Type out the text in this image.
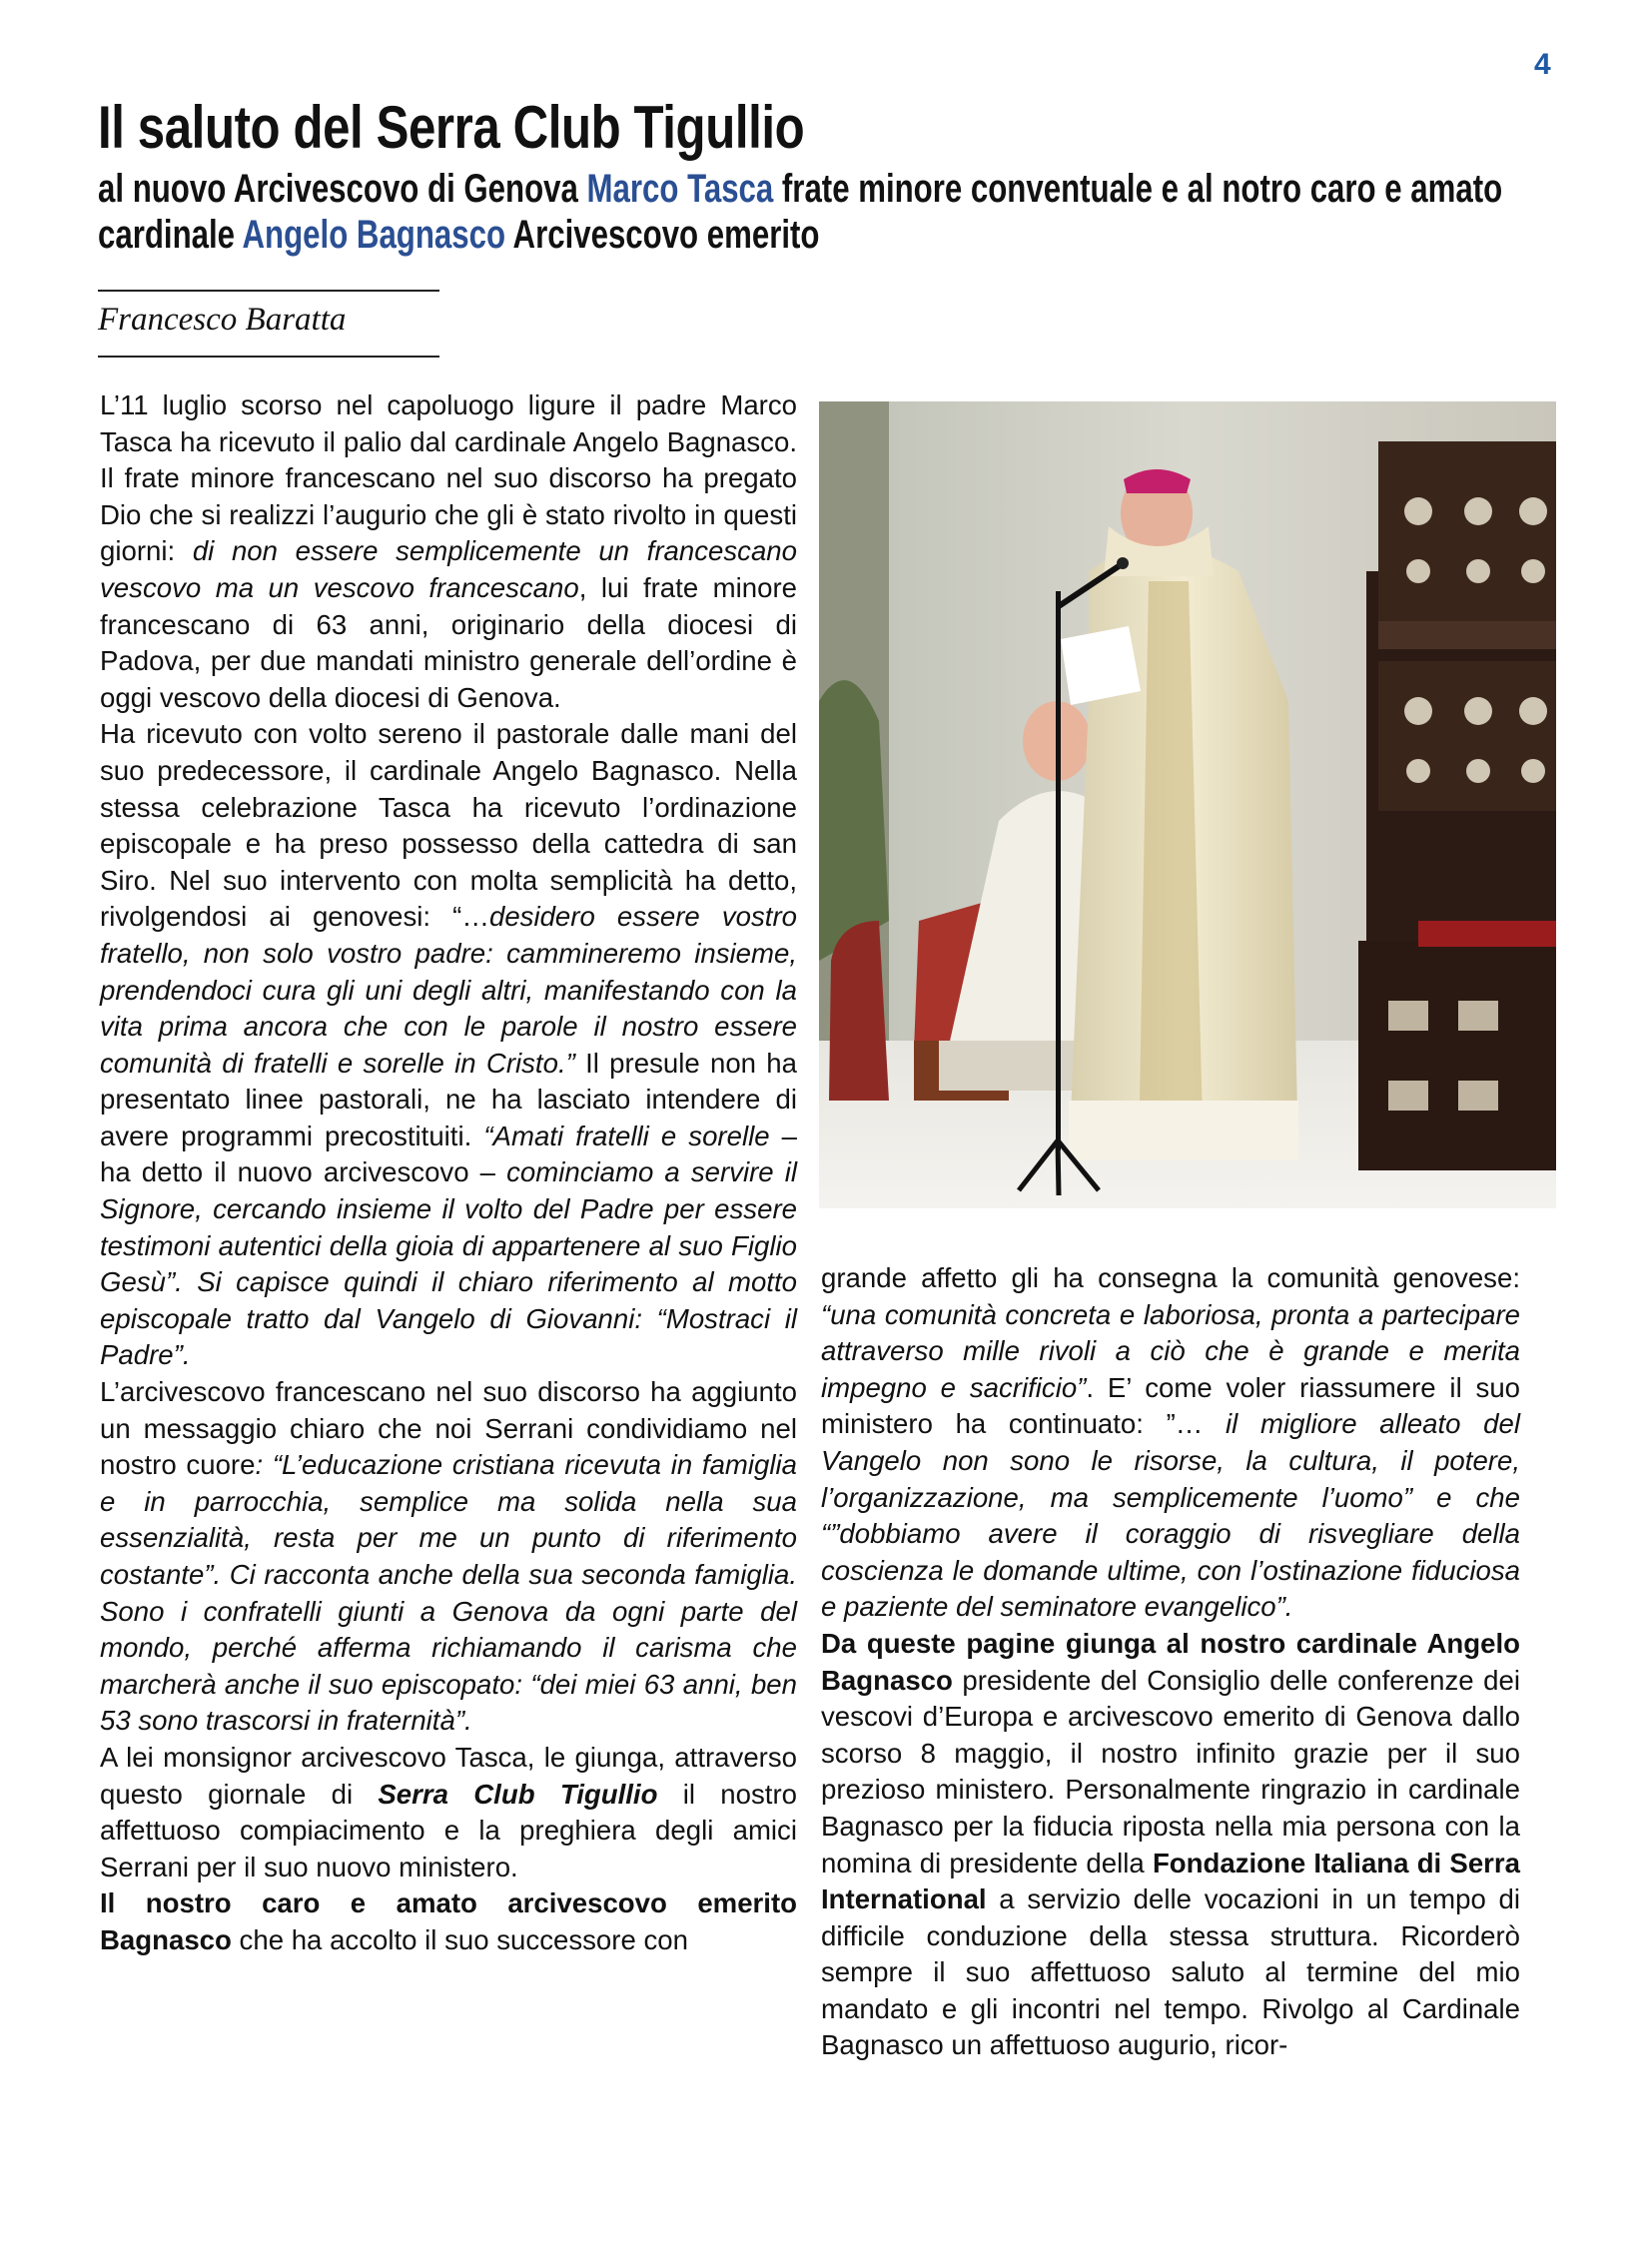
4
Il saluto del Serra Club Tigullio
al nuovo Arcivescovo di Genova Marco Tasca frate minore conventuale e al notro caro e amato cardinale Angelo Bagnasco Arcivescovo emerito
Francesco Baratta

L’11 luglio scorso nel capoluogo ligure il padre Marco Tasca ha ricevuto il palio dal cardinale Angelo Bagnasco. Il frate minore francescano nel suo discorso ha pregato Dio che si realizzi l’augurio che gli è stato rivolto in questi giorni: di non essere semplicemente un francescano vescovo ma un vescovo francescano, lui frate minore francescano di 63 anni, originario della diocesi di Padova, per due mandati ministro generale dell’ordine è oggi vescovo della diocesi di Genova.

Ha ricevuto con volto sereno il pastorale dalle mani del suo predecessore, il cardinale Angelo Bagnasco. Nella stessa celebrazione Tasca ha ricevuto l’ordinazione episcopale e ha preso possesso della cattedra di san Siro. Nel suo intervento con molta semplicità ha detto, rivolgendosi ai genovesi: “…desidero essere vostro fratello, non solo vostro padre: cammineremo insieme, prendendoci cura gli uni degli altri, manifestando con la vita prima ancora che con le parole il nostro essere comunità di fratelli e sorelle in Cristo.” Il presule non ha presentato linee pastorali, ne ha lasciato intendere di avere programmi precostituiti. “Amati fratelli e sorelle – ha detto il nuovo arcivescovo – cominciamo a servire il Signore, cercando insieme il volto del Padre per essere testimoni autentici della gioia di appartenere al suo Figlio Gesù”. Si capisce quindi il chiaro riferimento al motto episcopale tratto dal Vangelo di Giovanni: “Mostraci il Padre”.

L’arcivescovo francescano nel suo discorso ha aggiunto un messaggio chiaro che noi Serrani condividiamo nel nostro cuore: “L’educazione cristiana ricevuta in famiglia e in parrocchia, semplice ma solida nella sua essenzialità, resta per me un punto di riferimento costante”. Ci racconta anche della sua seconda famiglia. Sono i confratelli giunti a Genova da ogni parte del mondo, perché afferma richiamando il carisma che marcherà anche il suo episcopato: “dei miei 63 anni, ben 53 sono trascorsi in fraternità”.

A lei monsignor arcivescovo Tasca, le giunga, attraverso questo giornale di Serra Club Tigullio il nostro affettuoso compiacimento e la preghiera degli amici Serrani per il suo nuovo ministero.

Il nostro caro e amato arcivescovo emerito Bagnasco che ha accolto il suo successore con

grande affetto gli ha consegna la comunità genovese: “una comunità concreta e laboriosa, pronta a partecipare attraverso mille rivoli a ciò che è grande e merita impegno e sacrificio”. E’ come voler riassumere il suo ministero ha continuato: ”… il migliore alleato del Vangelo non sono le risorse, la cultura, il potere, l’organizzazione, ma semplicemente l’uomo” e che “”dobbiamo avere il coraggio di risvegliare della coscienza le domande ultime, con l’ostinazione fiduciosa e paziente del seminatore evangelico”.

Da queste pagine giunga al nostro cardinale Angelo Bagnasco presidente del Consiglio delle conferenze dei vescovi d’Europa e arcivescovo emerito di Genova dallo scorso 8 maggio, il nostro infinito grazie per il suo prezioso ministero. Personalmente ringrazio in cardinale Bagnasco per la fiducia riposta nella mia persona con la nomina di presidente della Fondazione Italiana di Serra International a servizio delle vocazioni in un tempo di difficile conduzione della stessa struttura. Ricorderò sempre il suo affettuoso saluto al termine del mio mandato e gli incontri nel tempo. Rivolgo al Cardinale Bagnasco un affettuoso augurio, ricor-
